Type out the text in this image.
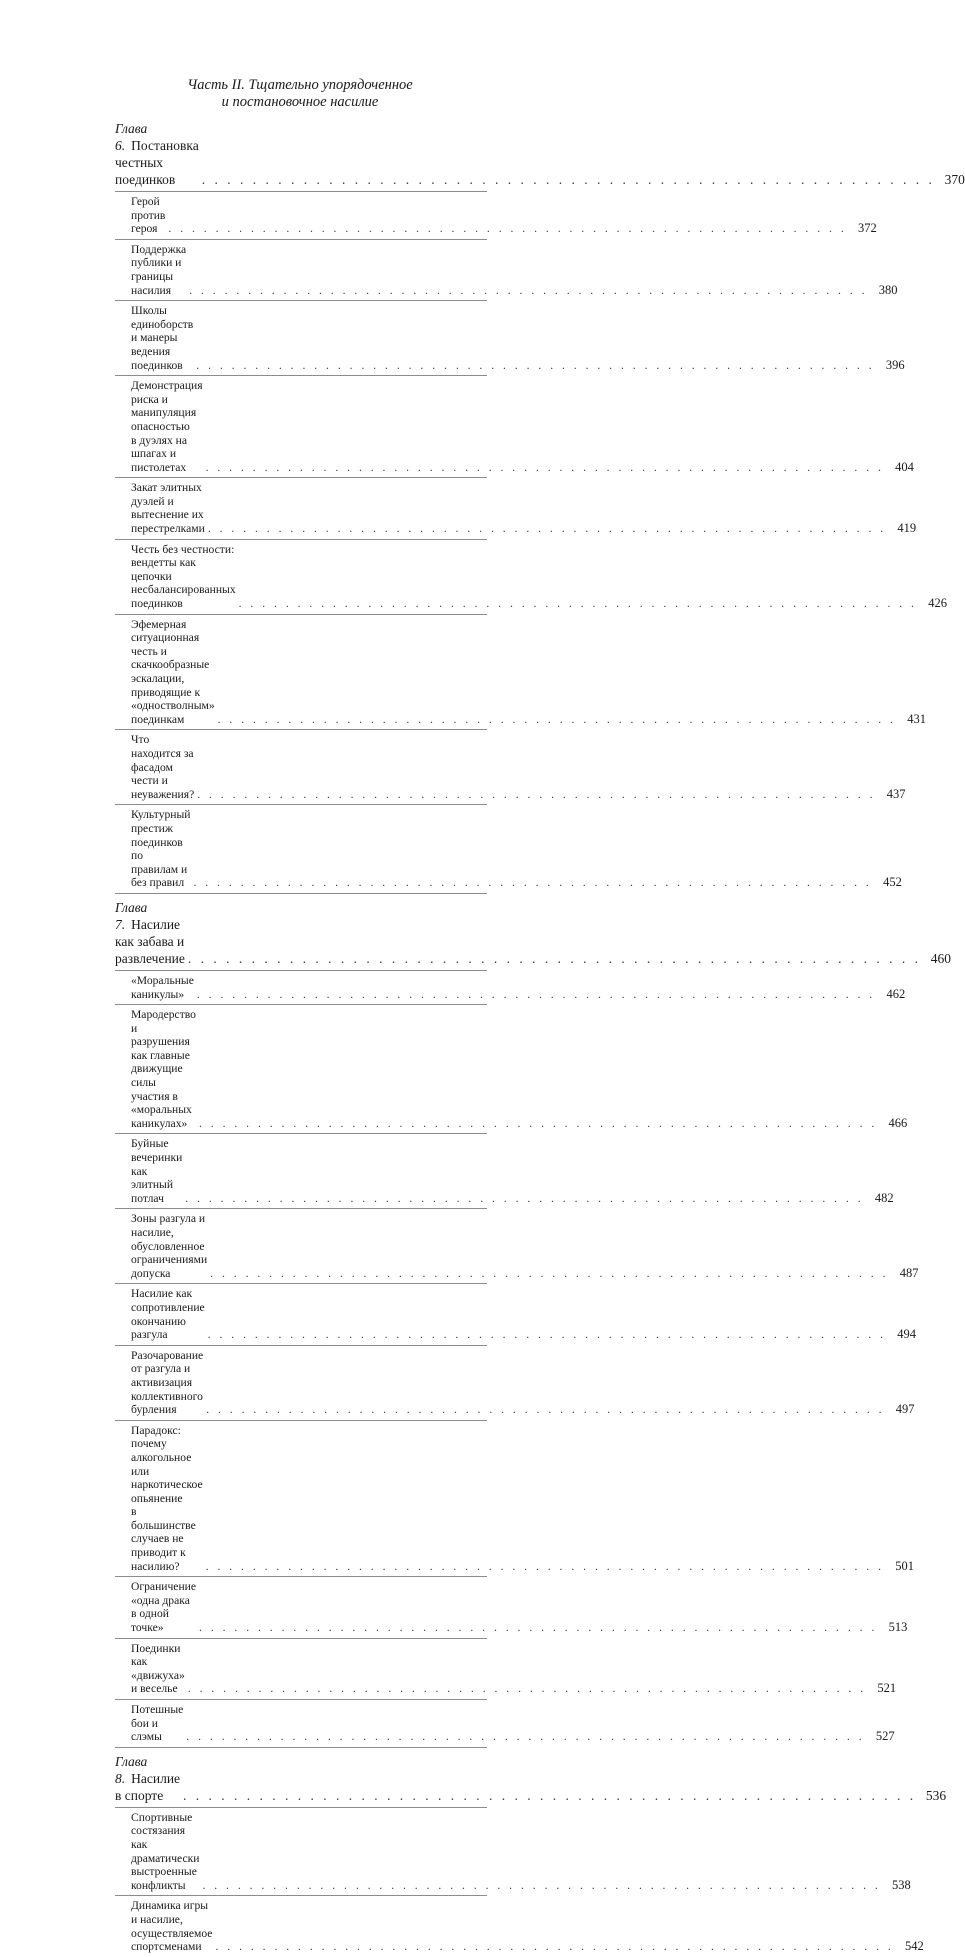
Часть II. Тщательно упорядоченное
и постановочное насилие
Глава 6. Постановка честных поединков . . .	370
Герой против героя . . .	372
Поддержка публики и границы насилия . . .	380
Школы единоборств и манеры ведения поединков . . .	396
Демонстрация риска и манипуляция опасностью
в дуэлях на шпагах и пистолетах . . .	404
Закат элитных дуэлей и вытеснение их перестрелками . . .	419
Честь без честности: вендетты как цепочки
несбалансированных поединков . . .	426
Эфемерная ситуационная честь и скачкообразные эскалации,
приводящие к «одностволным» поединкам . . .	431
Что находится за фасадом чести и неуважения? . . .	437
Культурный престиж поединков по правилам и без правил . . .	452
Глава 7. Насилие как забава и развлечение . . .	460
«Моральные каникулы» . . .	462
Мародерство и разрушения как главные движущие силы
участия в «моральных каникулах» . . .	466
Буйные вечеринки как элитный потлач . . .	482
Зоны разгула и насилие, обусловленное
ограничениями допуска . . .	487
Насилие как сопротивление окончанию разгула . . .	494
Разочарование от разгула и активизация
коллективного бурления . . .	497
Парадокс: почему алкогольное или наркотическое опьянение
в большинстве случаев не приводит к насилию? . . .	501
Ограничение «одна драка в одной точке» . . .	513
Поединки как «движуха» и веселье . . .	521
Потешные бои и слэмы . . .	527
Глава 8. Насилие в спорте . . .	536
Спортивные состязания как драматически
выстроенные конфликты . . .	538
Динамика игры и насилие, осуществляемое спортсменами . . .	542
